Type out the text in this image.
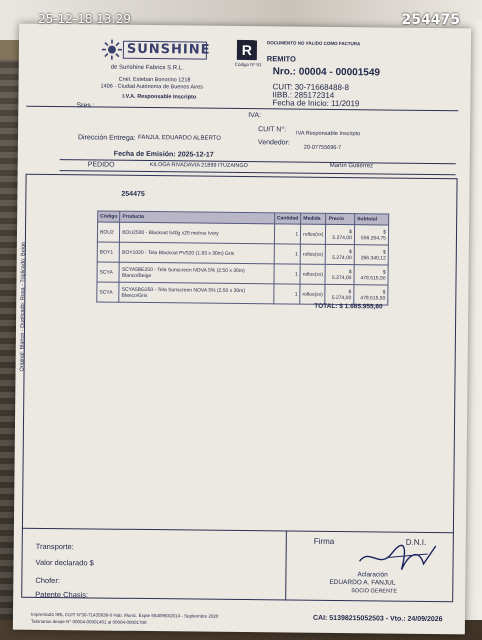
SUNSHINE
de Sunshine Fabrics S.R.L.
Cnel. Esteban Bonorino 1218
1406 - Ciudad Autónoma de Buenos Aires
I.V.A. Responsable Inscripto
R
Código Nº 91
DOCUMENTO NO VALIDO COMO FACTURA
REMITO
Nro.: 00004 - 00001549
CUIT: 30-71668488-8
IIBB.: 285172314
Fecha de Inicio: 11/2019
Sres.:
IVA:
CUIT N°:
IVA Responsable Inscripto
Dirección Entrega: FANJUL EDUARDO ALBERTO
Vendedor:
20-07755696-7
Fecha de Emisión: 2025-12-17
PEDIDO	KILOGA RIVADAVIA 21899 ITUZAINGO	Martín Gutiérrez
254475
Código	Producto	Cantidad	Medida	Precio	Subtotal
BOU2	BOU2500 - Blackout 540g x25 metros Ivory	1	rollos(xx)	$ 5.274,00	$ 556.264,75
BOY1	BOY1020 - Tela Blackout PV520 (1.83 x 30m) Gris	1	rollos(xx)	$ 5.274,00	$ 266.340,12
SCYA	SCYA5BE250 - Tela Sunscreen NOVA 5% (2.50 x 30m) Blanco/Beige	1	rollos(xx)	$ 5.274,00	$ 478.515,50
SCYA	SCYA5BG250 - Tela Sunscreen NOVA 5% (2.50 x 30m) Blanco/Gris	1	rollos(xx)	$ 5.274,00	$ 478.515,50
TOTAL: $ 1.665.955,60
Original: Blanco - Duplicado: Rosa - Triplicado: Beige
Transporte:
Valor declarado $
Chofer:
Patente Chasis:
Firma	D.N.I.
EDUARDO A. FANJUL
Aclaración
SOCIO GERENTE
Imprenta24 SRL CUIT N°30-71435636-0 Hab. Munic. Expte 5540950/2014 - Septiembre 2020
Talonarios desde N° 00004-00001401 al 00004-00001700	CAI: 51398215052503 - Vto.: 24/09/2026
25-12-18 13:29	254475
